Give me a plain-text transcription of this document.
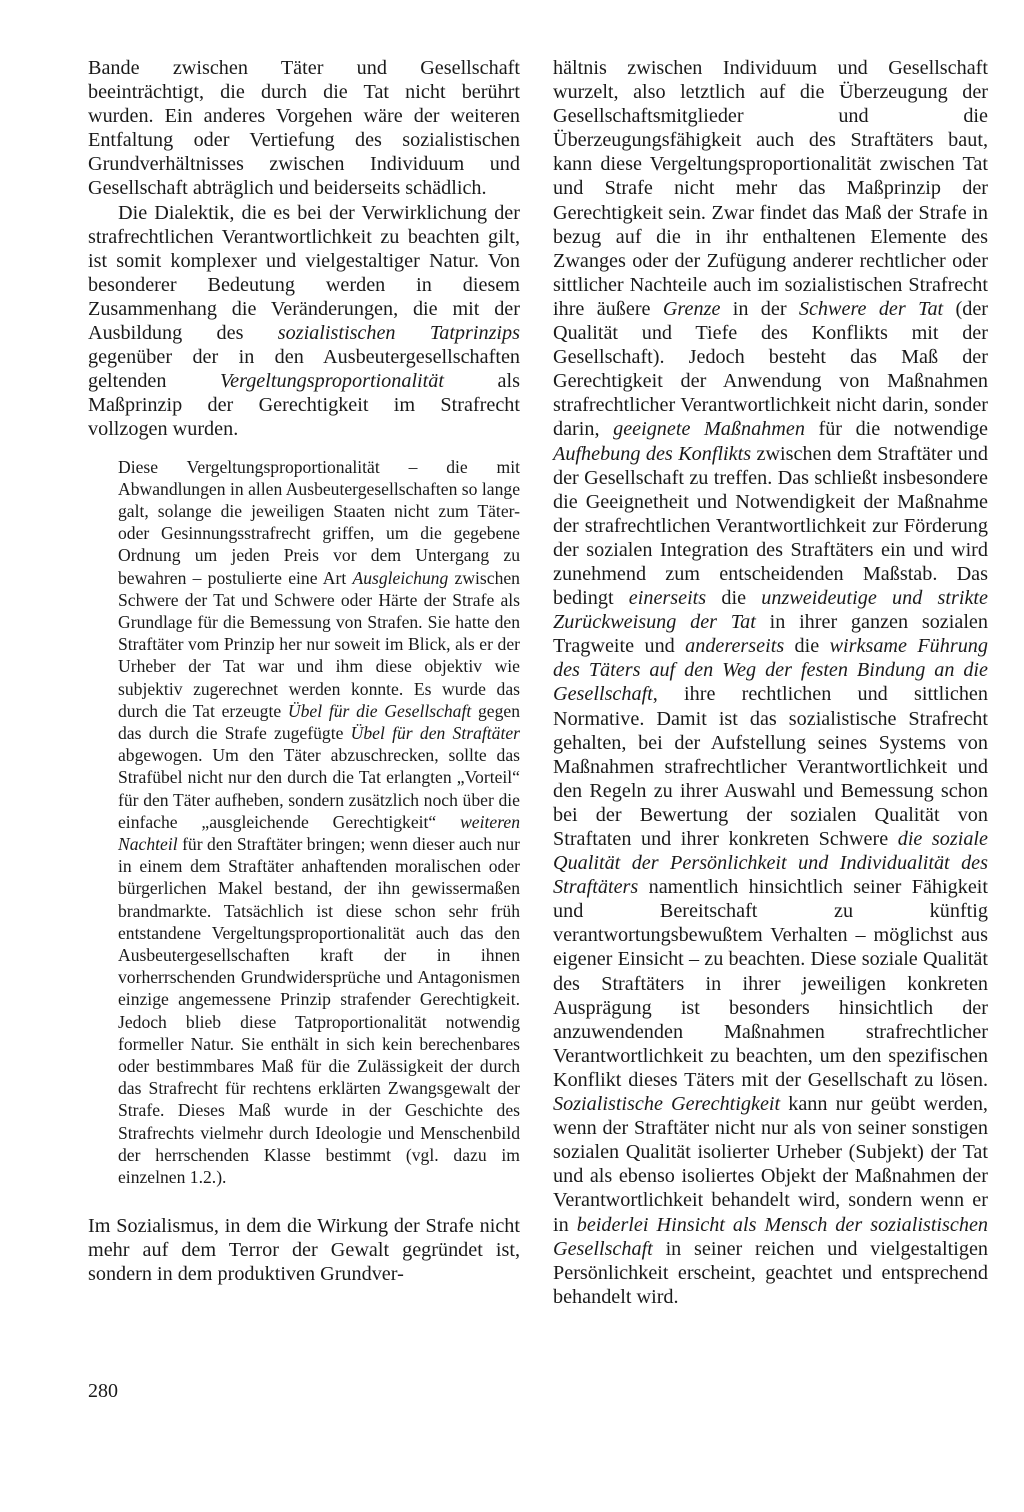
Bande zwischen Täter und Gesellschaft beeinträchtigt, die durch die Tat nicht berührt wurden. Ein anderes Vorgehen wäre der weiteren Entfaltung oder Vertiefung des sozialistischen Grundverhältnisses zwischen Individuum und Gesellschaft abträglich und beiderseits schädlich.

Die Dialektik, die es bei der Verwirklichung der strafrechtlichen Verantwortlichkeit zu beachten gilt, ist somit komplexer und vielgestaltiger Natur. Von besonderer Bedeutung werden in diesem Zusammenhang die Veränderungen, die mit der Ausbildung des sozialistischen Tatprinzips gegenüber der in den Ausbeutergesellschaften geltenden Vergeltungsproportionalität als Maßprinzip der Gerechtigkeit im Strafrecht vollzogen wurden.

Diese Vergeltungsproportionalität – die mit Abwandlungen in allen Ausbeutergesellschaften so lange galt, solange die jeweiligen Staaten nicht zum Täter- oder Gesinnungsstrafrecht griffen, um die gegebene Ordnung um jeden Preis vor dem Untergang zu bewahren – postulierte eine Art Ausgleichung zwischen Schwere der Tat und Schwere oder Härte der Strafe als Grundlage für die Bemessung von Strafen. Sie hatte den Straftäter vom Prinzip her nur soweit im Blick, als er der Urheber der Tat war und ihm diese objektiv wie subjektiv zugerechnet werden konnte. Es wurde das durch die Tat erzeugte Übel für die Gesellschaft gegen das durch die Strafe zugefügte Übel für den Straftäter abgewogen. Um den Täter abzuschrecken, sollte das Strafübel nicht nur den durch die Tat erlangten „Vorteil“ für den Täter aufheben, sondern zusätzlich noch über die einfache „ausgleichende Gerechtigkeit“ weiteren Nachteil für den Straftäter bringen; wenn dieser auch nur in einem dem Straftäter anhaftenden moralischen oder bürgerlichen Makel bestand, der ihn gewissermaßen brandmarkte. Tatsächlich ist diese schon sehr früh entstandene Vergeltungsproportionalität auch das den Ausbeutergesellschaften kraft der in ihnen vorherrschenden Grundwidersprüche und Antagonismen einzige angemessene Prinzip strafender Gerechtigkeit. Jedoch blieb diese Tatproportionalität notwendig formeller Natur. Sie enthält in sich kein berechenbares oder bestimmbares Maß für die Zulässigkeit der durch das Strafrecht für rechtens erklärten Zwangsgewalt der Strafe. Dieses Maß wurde in der Geschichte des Strafrechts vielmehr durch Ideologie und Menschenbild der herrschenden Klasse bestimmt (vgl. dazu im einzelnen 1.2.).

Im Sozialismus, in dem die Wirkung der Strafe nicht mehr auf dem Terror der Gewalt gegründet ist, sondern in dem produktiven Grundver-

hältnis zwischen Individuum und Gesellschaft wurzelt, also letztlich auf die Überzeugung der Gesellschaftsmitglieder und die Überzeugungsfähigkeit auch des Straftäters baut, kann diese Vergeltungsproportionalität zwischen Tat und Strafe nicht mehr das Maßprinzip der Gerechtigkeit sein. Zwar findet das Maß der Strafe in bezug auf die in ihr enthaltenen Elemente des Zwanges oder der Zufügung anderer rechtlicher oder sittlicher Nachteile auch im sozialistischen Strafrecht ihre äußere Grenze in der Schwere der Tat (der Qualität und Tiefe des Konflikts mit der Gesellschaft). Jedoch besteht das Maß der Gerechtigkeit der Anwendung von Maßnahmen strafrechtlicher Verantwortlichkeit nicht darin, sonder darin, geeignete Maßnahmen für die notwendige Aufhebung des Konflikts zwischen dem Straftäter und der Gesellschaft zu treffen. Das schließt insbesondere die Geeignetheit und Notwendigkeit der Maßnahme der strafrechtlichen Verantwortlichkeit zur Förderung der sozialen Integration des Straftäters ein und wird zunehmend zum entscheidenden Maßstab. Das bedingt einerseits die unzweideutige und strikte Zurückweisung der Tat in ihrer ganzen sozialen Tragweite und andererseits die wirksame Führung des Täters auf den Weg der festen Bindung an die Gesellschaft, ihre rechtlichen und sittlichen Normative. Damit ist das sozialistische Strafrecht gehalten, bei der Aufstellung seines Systems von Maßnahmen strafrechtlicher Verantwortlichkeit und den Regeln zu ihrer Auswahl und Bemessung schon bei der Bewertung der sozialen Qualität von Straftaten und ihrer konkreten Schwere die soziale Qualität der Persönlichkeit und Individualität des Straftäters namentlich hinsichtlich seiner Fähigkeit und Bereitschaft zu künftig verantwortungsbewußtem Verhalten – möglichst aus eigener Einsicht – zu beachten. Diese soziale Qualität des Straftäters in ihrer jeweiligen konkreten Ausprägung ist besonders hinsichtlich der anzuwendenden Maßnahmen strafrechtlicher Verantwortlichkeit zu beachten, um den spezifischen Konflikt dieses Täters mit der Gesellschaft zu lösen. Sozialistische Gerechtigkeit kann nur geübt werden, wenn der Straftäter nicht nur als von seiner sonstigen sozialen Qualität isolierter Urheber (Subjekt) der Tat und als ebenso isoliertes Objekt der Maßnahmen der Verantwortlichkeit behandelt wird, sondern wenn er in beiderlei Hinsicht als Mensch der sozialistischen Gesellschaft in seiner reichen und vielgestaltigen Persönlichkeit erscheint, geachtet und entsprechend behandelt wird.

280
